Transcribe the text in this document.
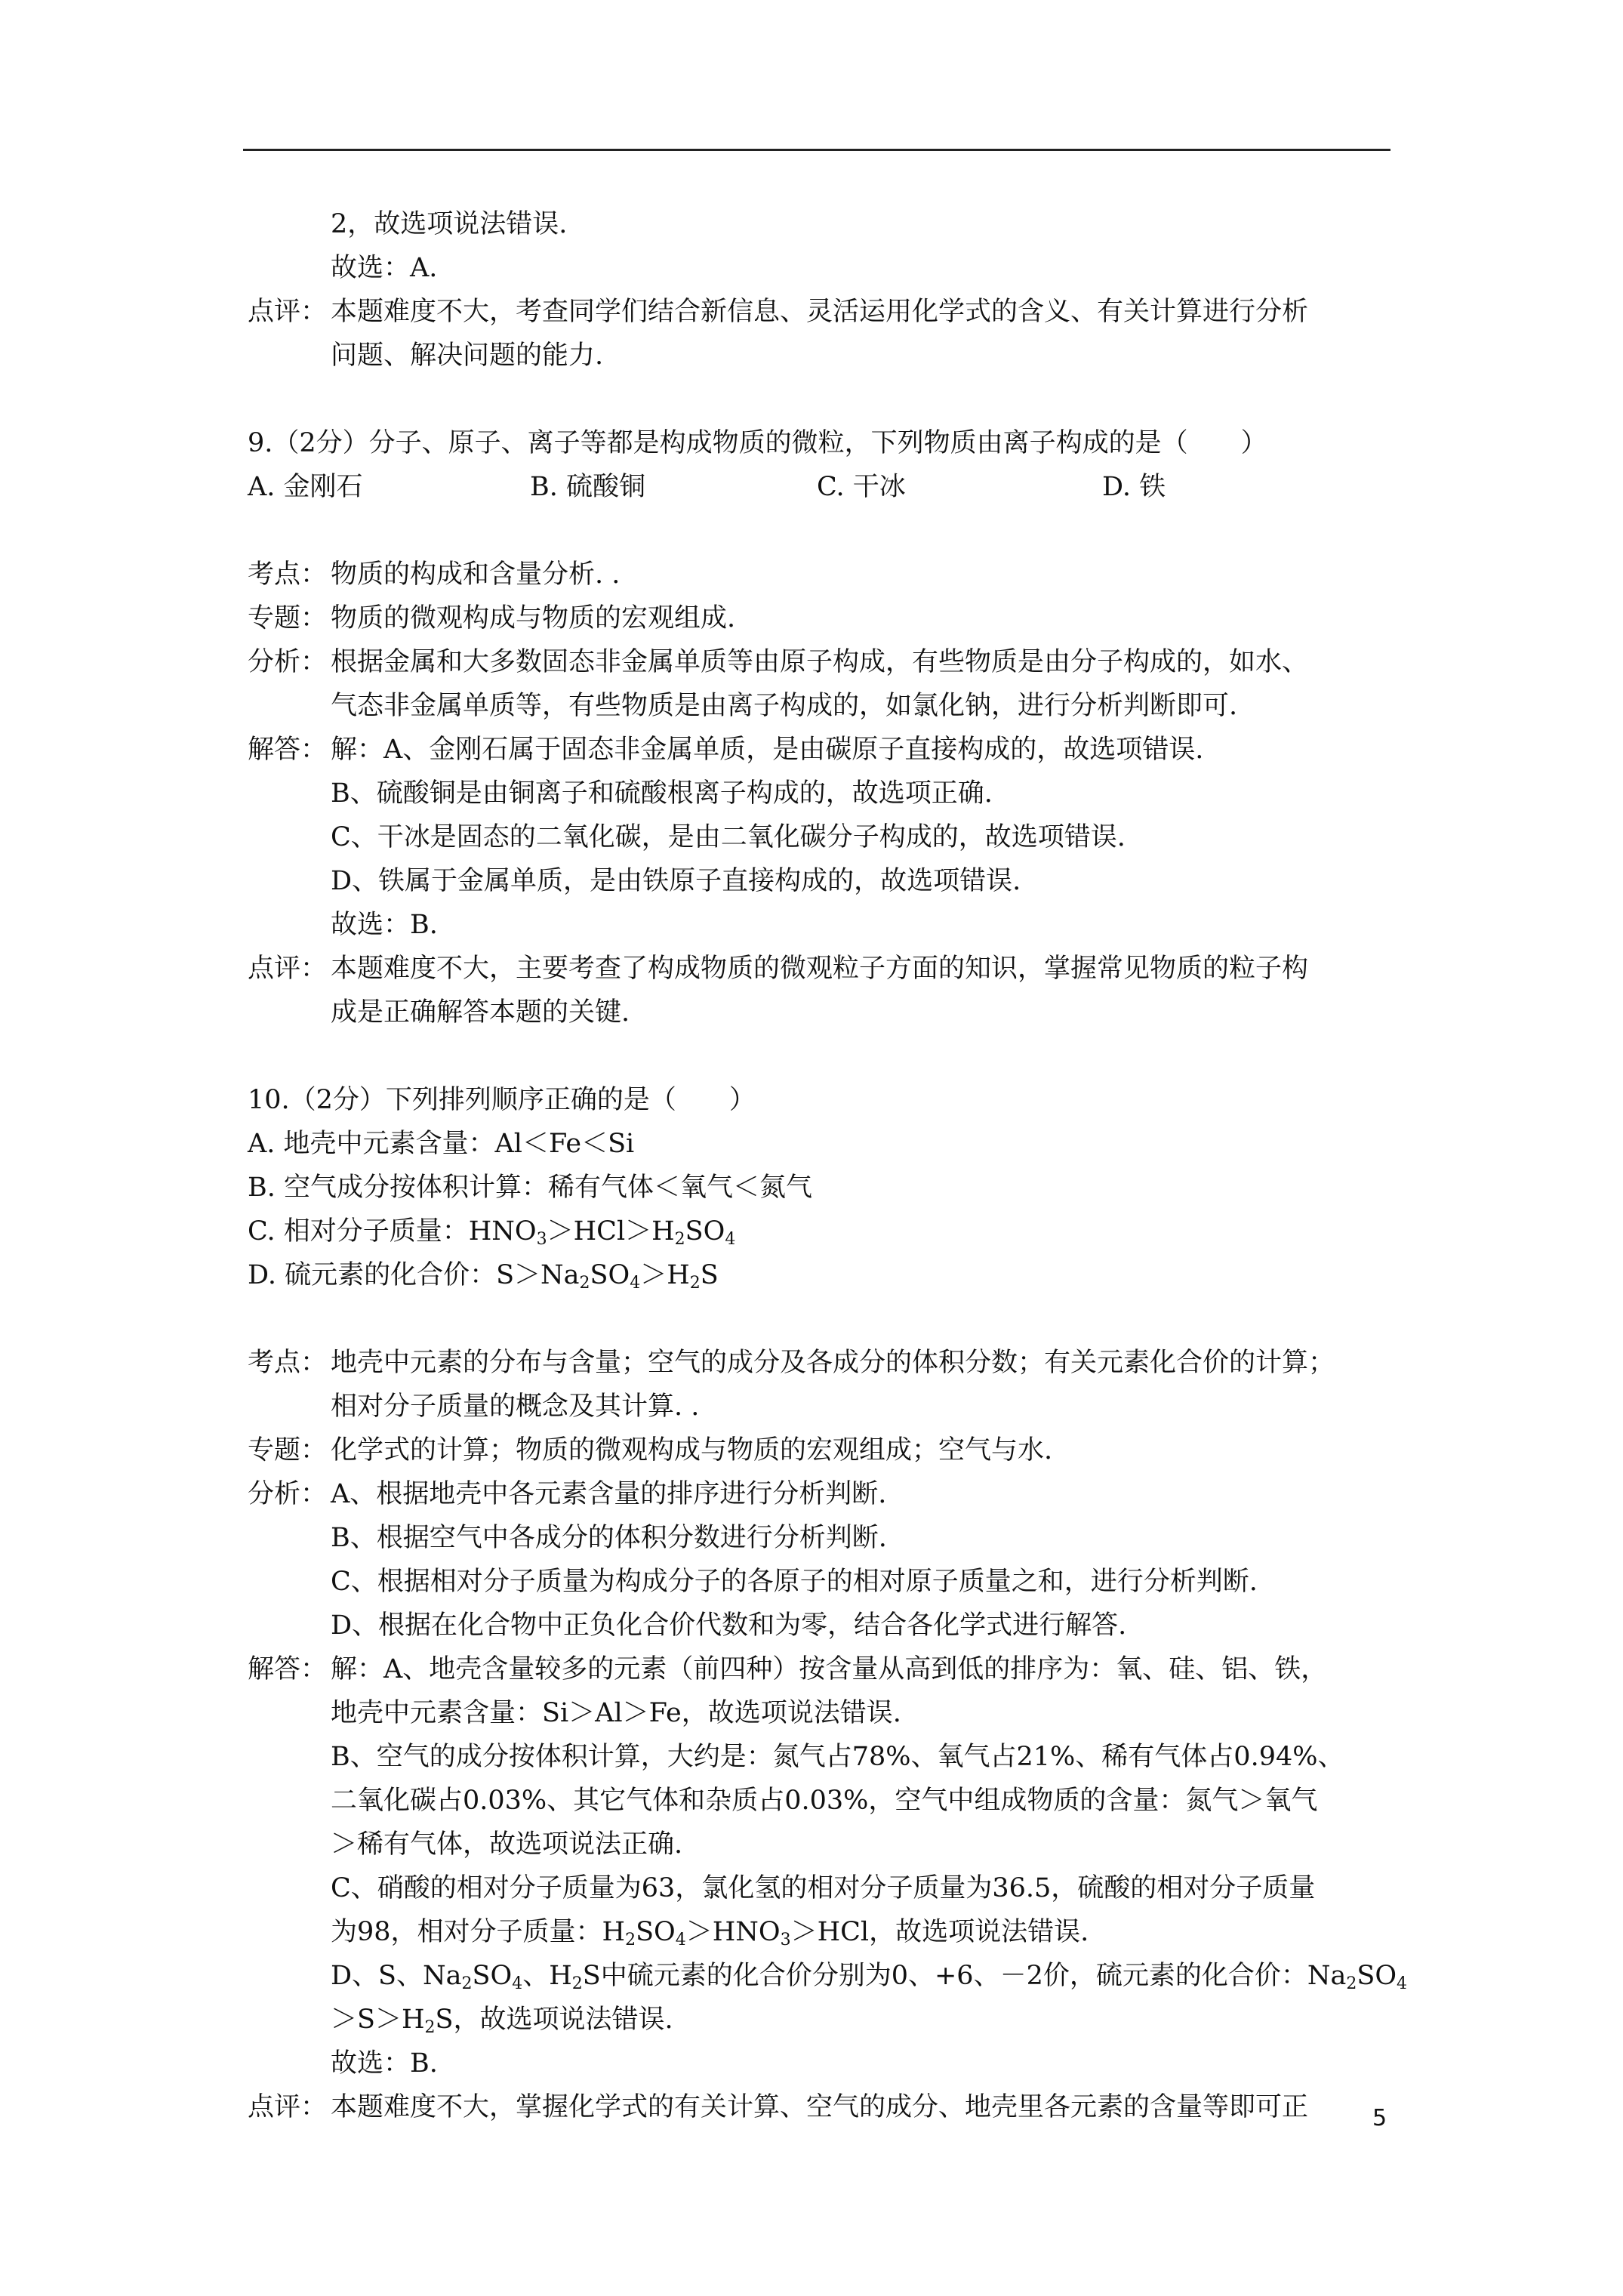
2，故选项说法错误.

故选：A.

点评： 本题难度不大，考查同学们结合新信息、灵活运用化学式的含义、有关计算进行分析

问题、解决问题的能力.

9.（2分）分子、原子、离子等都是构成物质的微粒，下列物质由离子构成的是（　　）

A. 金刚石	B. 硫酸铜	C. 干冰	D. 铁
考点： 物质的构成和含量分析. .
专题： 物质的微观构成与物质的宏观组成.
分析： 根据金属和大多数固态非金属单质等由原子构成，有些物质是由分子构成的，如水、

气态非金属单质等，有些物质是由离子构成的，如氯化钠，进行分析判断即可.

解答： 解：A、金刚石属于固态非金属单质，是由碳原子直接构成的，故选项错误.

B、硫酸铜是由铜离子和硫酸根离子构成的，故选项正确.

C、干冰是固态的二氧化碳，是由二氧化碳分子构成的，故选项错误.

D、铁属于金属单质，是由铁原子直接构成的，故选项错误.

故选：B.

点评： 本题难度不大，主要考查了构成物质的微观粒子方面的知识，掌握常见物质的粒子构

成是正确解答本题的关键.

10.（2分）下列排列顺序正确的是（　　）

A. 地壳中元素含量：Al＜Fe＜Si

B. 空气成分按体积计算：稀有气体＜氧气＜氮气

C. 相对分子质量：$HNO_3>HCl>H_2SO_4$

D. 硫元素的化合价：$S>Na_2SO_4>H_2S$

考点： 地壳中元素的分布与含量；空气的成分及各成分的体积分数；有关元素化合价的计算；

相对分子质量的概念及其计算. .

专题： 化学式的计算；物质的微观构成与物质的宏观组成；空气与水.
分析： A、根据地壳中各元素含量的排序进行分析判断.

B、根据空气中各成分的体积分数进行分析判断.

C、根据相对分子质量为构成分子的各原子的相对原子质量之和，进行分析判断.

D、根据在化合物中正负化合价代数和为零，结合各化学式进行解答.

解答： 解：A、地壳含量较多的元素（前四种）按含量从高到低的排序为：氧、硅、铝、铁，

地壳中元素含量：Si＞Al＞Fe，故选项说法错误.

B、空气的成分按体积计算，大约是：氮气占78%、氧气占21%、稀有气体占0.94%、

二氧化碳占0.03%、其它气体和杂质占0.03%，空气中组成物质的含量：氮气＞氧气

＞稀有气体，故选项说法正确.

C、硝酸的相对分子质量为63，氯化氢的相对分子质量为36.5，硫酸的相对分子质量

为98，相对分子质量：$H_2SO_4>HNO_3>HCl$，故选项说法错误.

D、S、$Na_2SO_4$、$H_2S$中硫元素的化合价分别为0、+6、－2价，硫元素的化合价：$Na_2SO_4$

$>S>H_2S$，故选项说法错误.

故选：B.

点评： 本题难度不大，掌握化学式的有关计算、空气的成分、地壳里各元素的含量等即可正	5
